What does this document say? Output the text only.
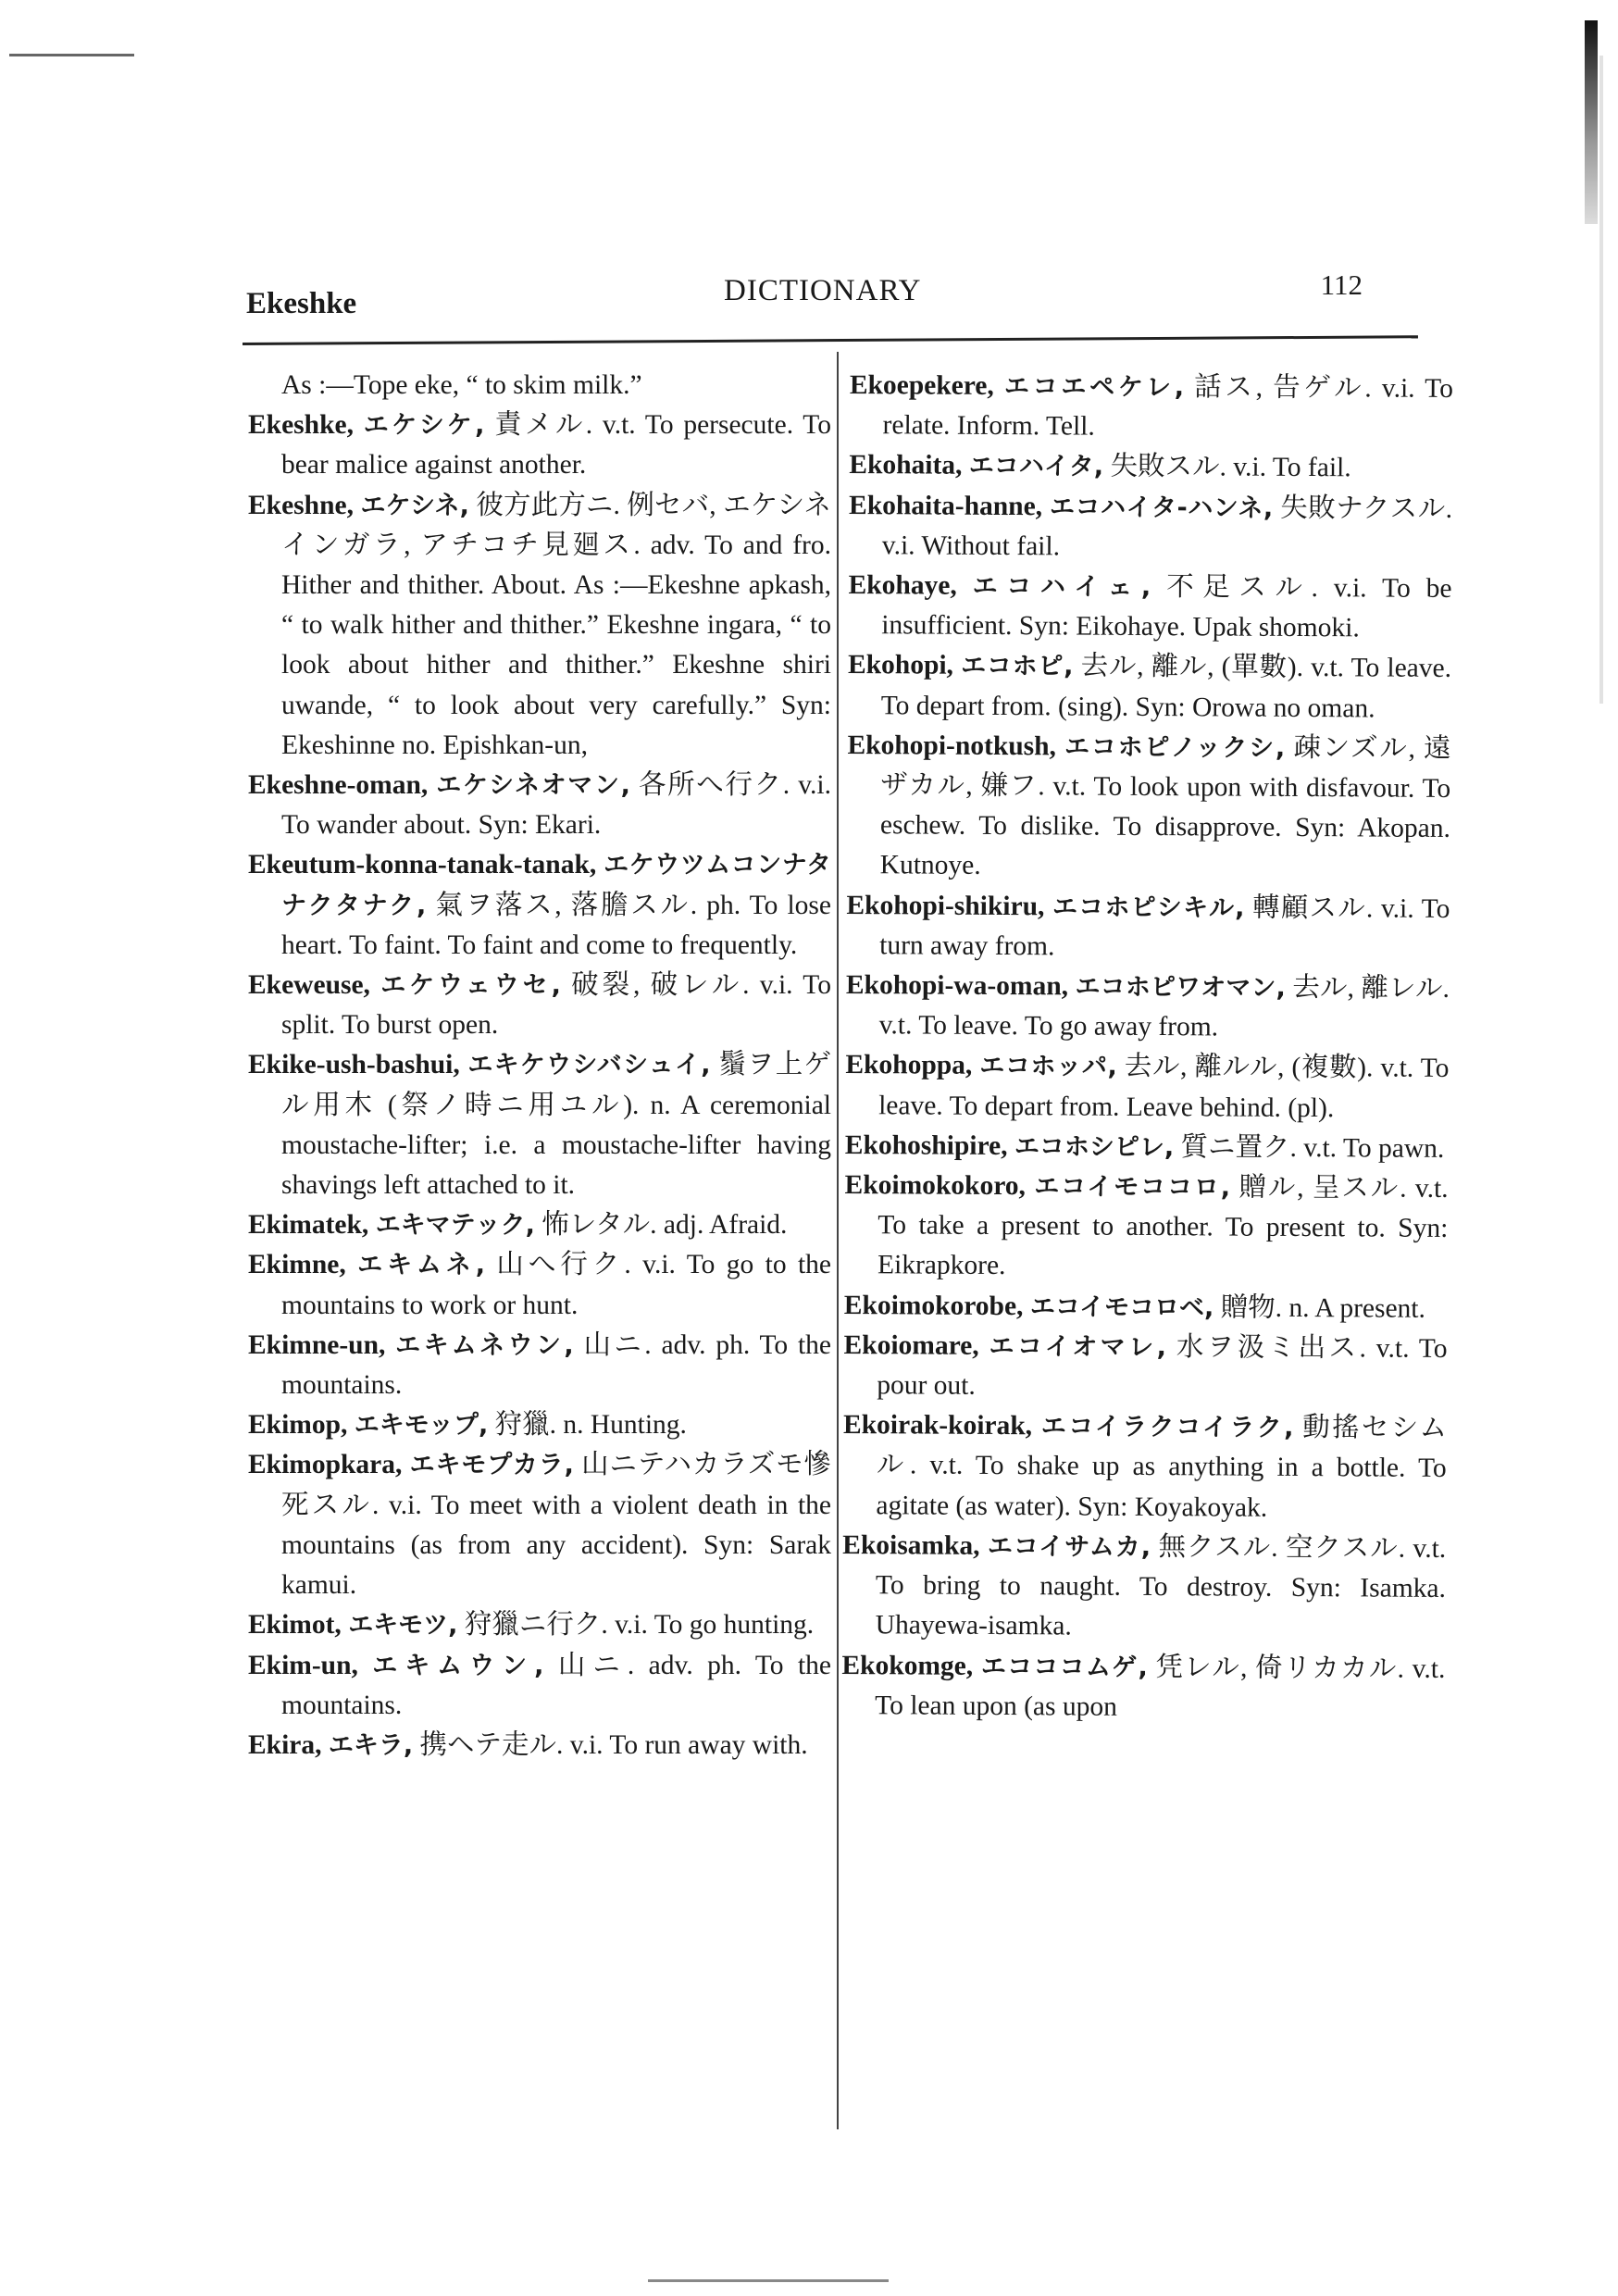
Ekeshke	DICTIONARY	112

As :—Tope eke, “ to skim milk.”

Ekeshke, エケシケ, 責メル. v.t. To persecute. To bear malice against another.

Ekeshne, エケシネ, 彼方此方ニ. 例セバ, エケシネインガラ, アチコチ見廻ス. adv. To and fro. Hither and thither. About. As :—Ekeshne apkash, “ to walk hither and thither.” Ekeshne ingara, “ to look about hither and thither.” Ekeshne shiri uwande, “ to look about very carefully.” Syn: Ekeshinne no. Epishkan-un,

Ekeshne-oman, エケシネオマン, 各所へ行ク. v.i. To wander about. Syn: Ekari.

Ekeutum-konna-tanak-tanak, エケウツムコンナタナクタナク, 氣ヲ落ス, 落膽スル. ph. To lose heart. To faint. To faint and come to frequently.

Ekeweuse, エケウェウセ, 破裂, 破レル. v.i. To split. To burst open.

Ekike-ush-bashui, エキケウシバシュイ, 鬚ヲ上ゲル用木 (祭ノ時ニ用ユル). n. A ceremonial moustache-lifter; i.e. a moustache-lifter having shavings left attached to it.

Ekimatek, エキマテック, 怖レタル. adj. Afraid.

Ekimne, エキムネ, 山へ行ク. v.i. To go to the mountains to work or hunt.

Ekimne-un, エキムネウン, 山ニ. adv. ph. To the mountains.

Ekimop, エキモップ, 狩獵. n. Hunting.

Ekimopkara, エキモプカラ, 山ニテハカラズモ慘死スル. v.i. To meet with a violent death in the mountains (as from any accident). Syn: Sarak kamui.

Ekimot, エキモツ, 狩獵ニ行ク. v.i. To go hunting.

Ekim-un, エキムウン, 山ニ. adv. ph. To the mountains.

Ekira, エキラ, 携ヘテ走ル. v.i. To run away with.

Ekoepekere, エコエペケレ, 話ス, 告ゲル. v.i. To relate. Inform. Tell.

Ekohaita, エコハイタ, 失敗スル. v.i. To fail.

Ekohaita-hanne, エコハイタ-ハンネ, 失敗ナクスル. v.i. Without fail.

Ekohaye, エコハイェ, 不足スル. v.i. To be insufficient. Syn: Eikohaye. Upak shomoki.

Ekohopi, エコホピ, 去ル, 離ル, (單數). v.t. To leave. To depart from. (sing). Syn: Orowa no oman.

Ekohopi-notkush, エコホピノックシ, 疎ンズル, 遠ザカル, 嫌フ. v.t. To look upon with disfavour. To eschew. To dislike. To disapprove. Syn: Akopan. Kutnoye.

Ekohopi-shikiru, エコホピシキル, 轉顧スル. v.i. To turn away from.

Ekohopi-wa-oman, エコホピワオマン, 去ル, 離レル. v.t. To leave. To go away from.

Ekohoppa, エコホッパ, 去ル, 離ルル, (複數). v.t. To leave. To depart from. Leave behind. (pl).

Ekohoshipire, エコホシピレ, 質ニ置ク. v.t. To pawn.

Ekoimokokoro, エコイモココロ, 贈ル, 呈スル. v.t. To take a present to another. To present to. Syn: Eikrapkore.

Ekoimokorobe, エコイモコロベ, 贈物. n. A present.

Ekoiomare, エコイオマレ, 水ヲ汲ミ出ス. v.t. To pour out.

Ekoirak-koirak, エコイラクコイラク, 動搖セシムル. v.t. To shake up as anything in a bottle. To agitate (as water). Syn: Koyakoyak.

Ekoisamka, エコイサムカ, 無クスル. 空クスル. v.t. To bring to naught. To destroy. Syn: Isamka. Uhayewa-isamka.

Ekokomge, エコココムゲ, 凭レル, 倚リカカル. v.t. To lean upon (as upon
